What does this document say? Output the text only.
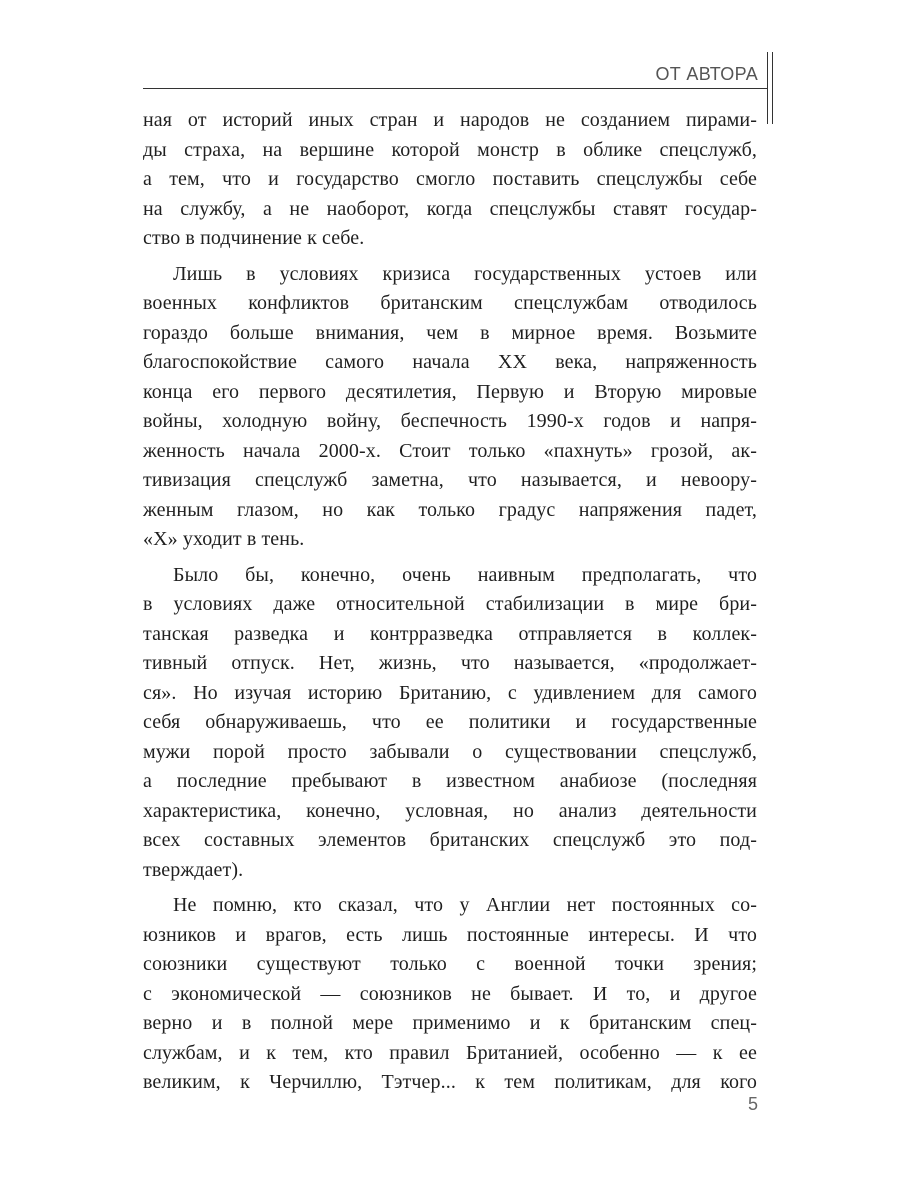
ОТ АВТОРА
ная от историй иных стран и народов не созданием пирами-
ды страха, на вершине которой монстр в облике спецслужб,
а тем, что и государство смогло поставить спецслужбы себе
на службу, а не наоборот, когда спецслужбы ставят государ-
ство в подчинение к себе.
Лишь в условиях кризиса государственных устоев или
военных конфликтов британским спецслужбам отводилось
гораздо больше внимания, чем в мирное время. Возьмите
благоспокойствие самого начала XX века, напряженность
конца его первого десятилетия, Первую и Вторую мировые
войны, холодную войну, беспечность 1990-х годов и напря-
женность начала 2000-х. Стоит только «пахнуть» грозой, ак-
тивизация спецслужб заметна, что называется, и невоору-
женным глазом, но как только градус напряжения падет,
«Х» уходит в тень.
Было бы, конечно, очень наивным предполагать, что
в условиях даже относительной стабилизации в мире бри-
танская разведка и контрразведка отправляется в коллек-
тивный отпуск. Нет, жизнь, что называется, «продолжает-
ся». Но изучая историю Британию, с удивлением для самого
себя обнаруживаешь, что ее политики и государственные
мужи порой просто забывали о существовании спецслужб,
а последние пребывают в известном анабиозе (последняя
характеристика, конечно, условная, но анализ деятельности
всех составных элементов британских спецслужб это под-
тверждает).
Не помню, кто сказал, что у Англии нет постоянных со-
юзников и врагов, есть лишь постоянные интересы. И что
союзники существуют только с военной точки зрения;
с экономической — союзников не бывает. И то, и другое
верно и в полной мере применимо и к британским спец-
службам, и к тем, кто правил Британией, особенно — к ее
великим, к Черчиллю, Тэтчер... к тем политикам, для кого
5
